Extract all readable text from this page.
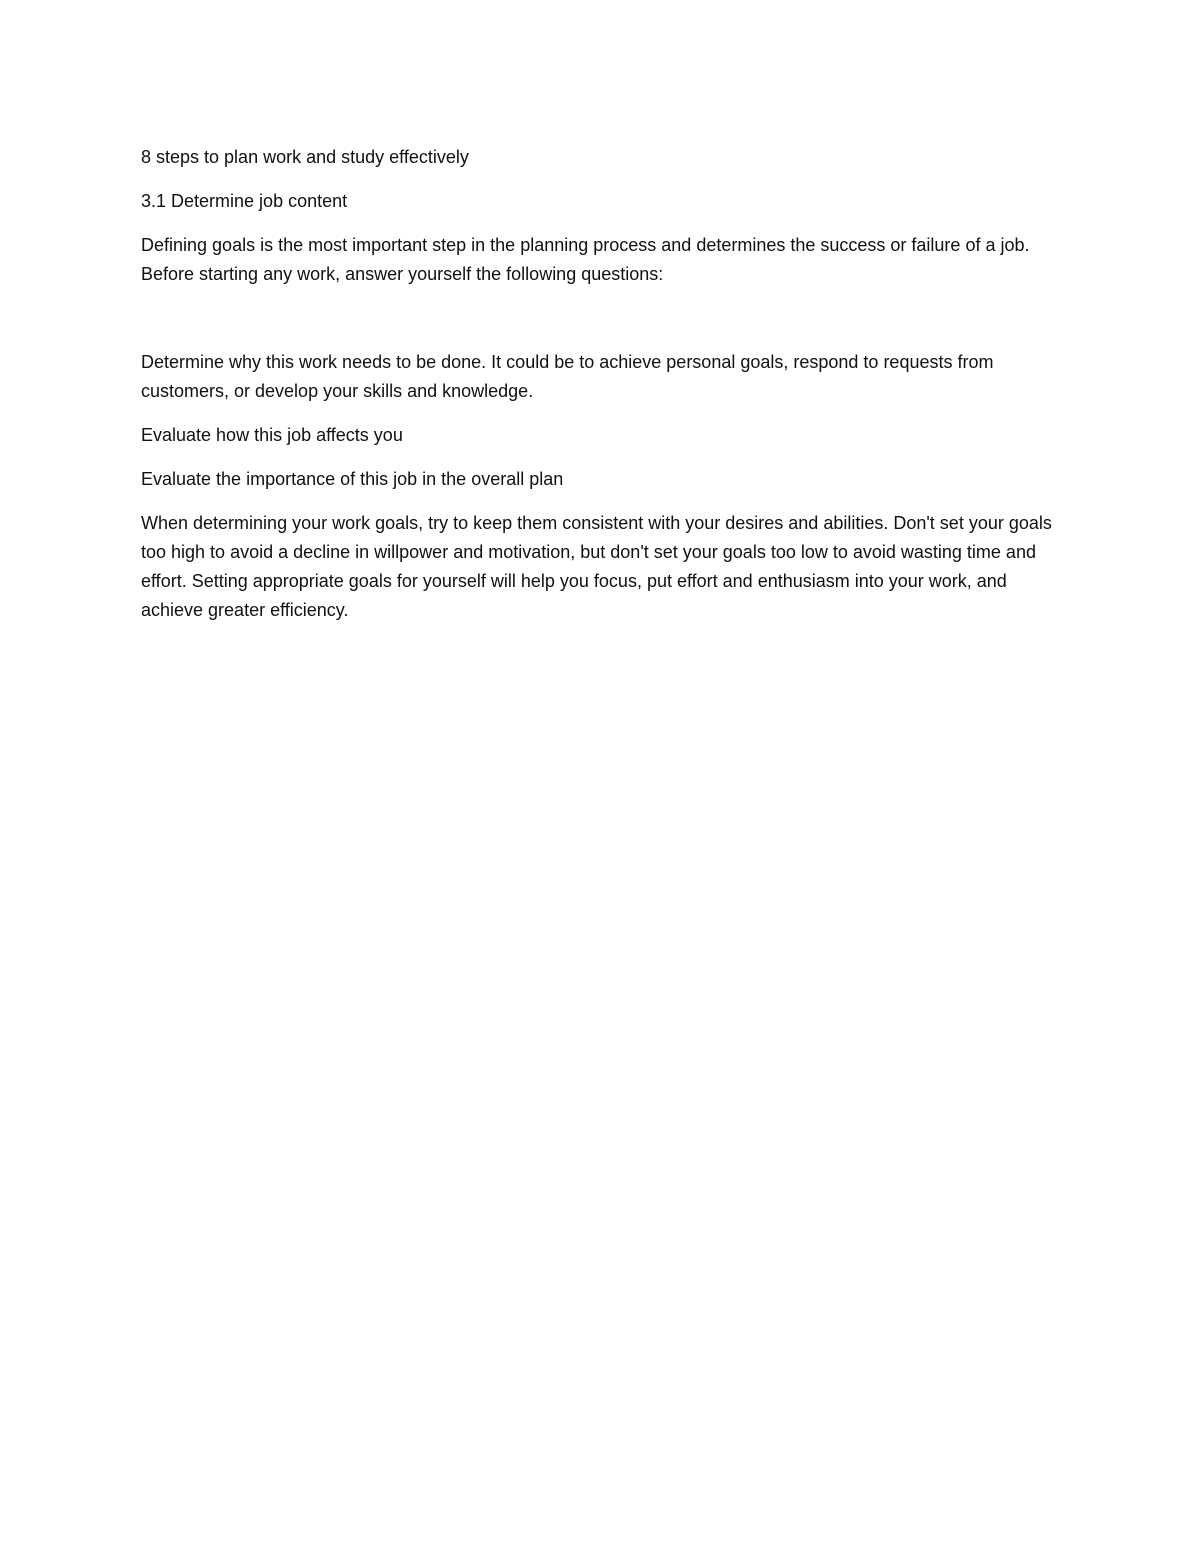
8 steps to plan work and study effectively

3.1 Determine job content

Defining goals is the most important step in the planning process and determines the success or failure of a job. Before starting any work, answer yourself the following questions:

Determine why this work needs to be done. It could be to achieve personal goals, respond to requests from customers, or develop your skills and knowledge.

Evaluate how this job affects you

Evaluate the importance of this job in the overall plan

When determining your work goals, try to keep them consistent with your desires and abilities. Don't set your goals too high to avoid a decline in willpower and motivation, but don't set your goals too low to avoid wasting time and effort. Setting appropriate goals for yourself will help you focus, put effort and enthusiasm into your work, and achieve greater efficiency.
